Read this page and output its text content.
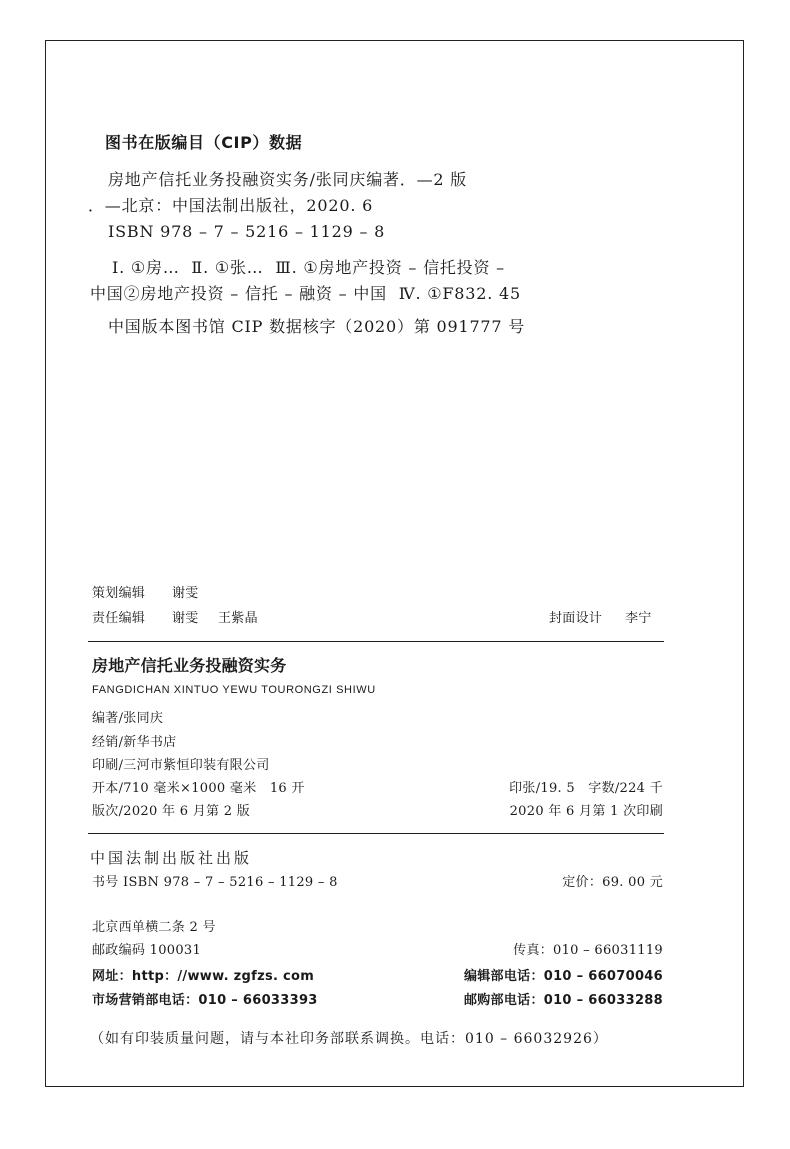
图书在版编目（CIP）数据
房地产信托业务投融资实务/张同庆编著．—2 版
．—北京：中国法制出版社，2020. 6
ISBN 978 – 7 – 5216 – 1129 – 8
Ⅰ. ①房…  Ⅱ. ①张…  Ⅲ. ①房地产投资 – 信托投资 –
中国②房地产投资 – 信托 – 融资 – 中国  Ⅳ. ①F832. 45
中国版本图书馆 CIP 数据核字（2020）第 091777 号
策划编辑 谢雯
责任编辑 谢雯 王紫晶	封面设计 李宁
房地产信托业务投融资实务
FANGDICHAN XINTUO YEWU TOURONGZI SHIWU
编著/张同庆
经销/新华书店
印刷/三河市紫恒印装有限公司
开本/710 毫米×1000 毫米   16 开	印张/19. 5   字数/224 千
版次/2020 年 6 月第 2 版	2020 年 6 月第 1 次印刷
中国法制出版社出版
书号 ISBN 978 – 7 – 5216 – 1129 – 8	定价：69. 00 元
北京西单横二条 2 号
邮政编码 100031	传真：010 – 66031119
网址：http：//www. zgfzs. com	编辑部电话：010 – 66070046
市场营销部电话：010 – 66033393	邮购部电话：010 – 66033288
（如有印装质量问题，请与本社印务部联系调换。电话：010 – 66032926）
